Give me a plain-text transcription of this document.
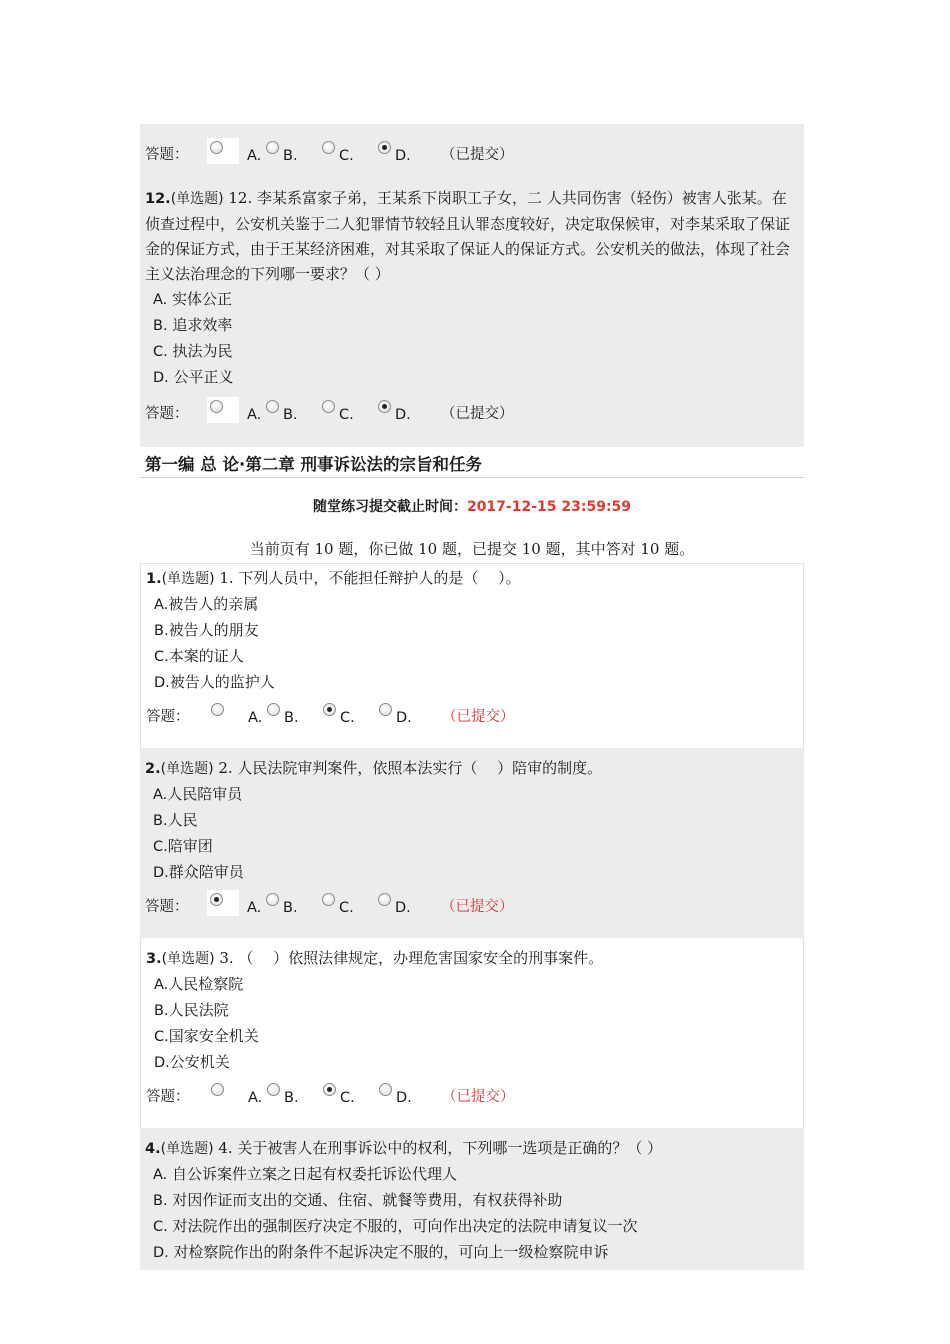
答题：	A. B.	C.	D.	（已提交）
12.(单选题) 12. 李某系富家子弟，王某系下岗职工子女，二 人共同伤害（轻伤）被害人张某。在侦查过程中，公安机关鉴于二人犯罪情节较轻且认罪态度较好，决定取保候审，对李某采取了保证金的保证方式，由于王某经济困难，对其采取了保证人的保证方式。公安机关的做法，体现了社会主义法治理念的下列哪一要求？（ ）
A. 实体公正
B. 追求效率
C. 执法为民
D. 公平正义
答题：	A. B.	C.	D.	（已提交）
第一编 总 论·第二章 刑事诉讼法的宗旨和任务
随堂练习提交截止时间：2017-12-15 23:59:59
当前页有 10 题，你已做 10 题，已提交 10 题，其中答对 10 题。
1.(单选题) 1. 下列人员中，不能担任辩护人的是（　 ）。
A.被告人的亲属
B.被告人的朋友
C.本案的证人
D.被告人的监护人
答题：	A. B.	C.	D.	（已提交）
2.(单选题) 2. 人民法院审判案件，依照本法实行（　 ）陪审的制度。
A.人民陪审员
B.人民
C.陪审团
D.群众陪审员
答题：	A. B.	C.	D.	（已提交）
3.(单选题) 3. （　 ）依照法律规定，办理危害国家安全的刑事案件。
A.人民检察院
B.人民法院
C.国家安全机关
D.公安机关
答题：	A. B.	C.	D.	（已提交）
4.(单选题) 4. 关于被害人在刑事诉讼中的权利，下列哪一选项是正确的？（ ）
A. 自公诉案件立案之日起有权委托诉讼代理人
B. 对因作证而支出的交通、住宿、就餐等费用，有权获得补助
C. 对法院作出的强制医疗决定不服的，可向作出决定的法院申请复议一次
D. 对检察院作出的附条件不起诉决定不服的，可向上一级检察院申诉
